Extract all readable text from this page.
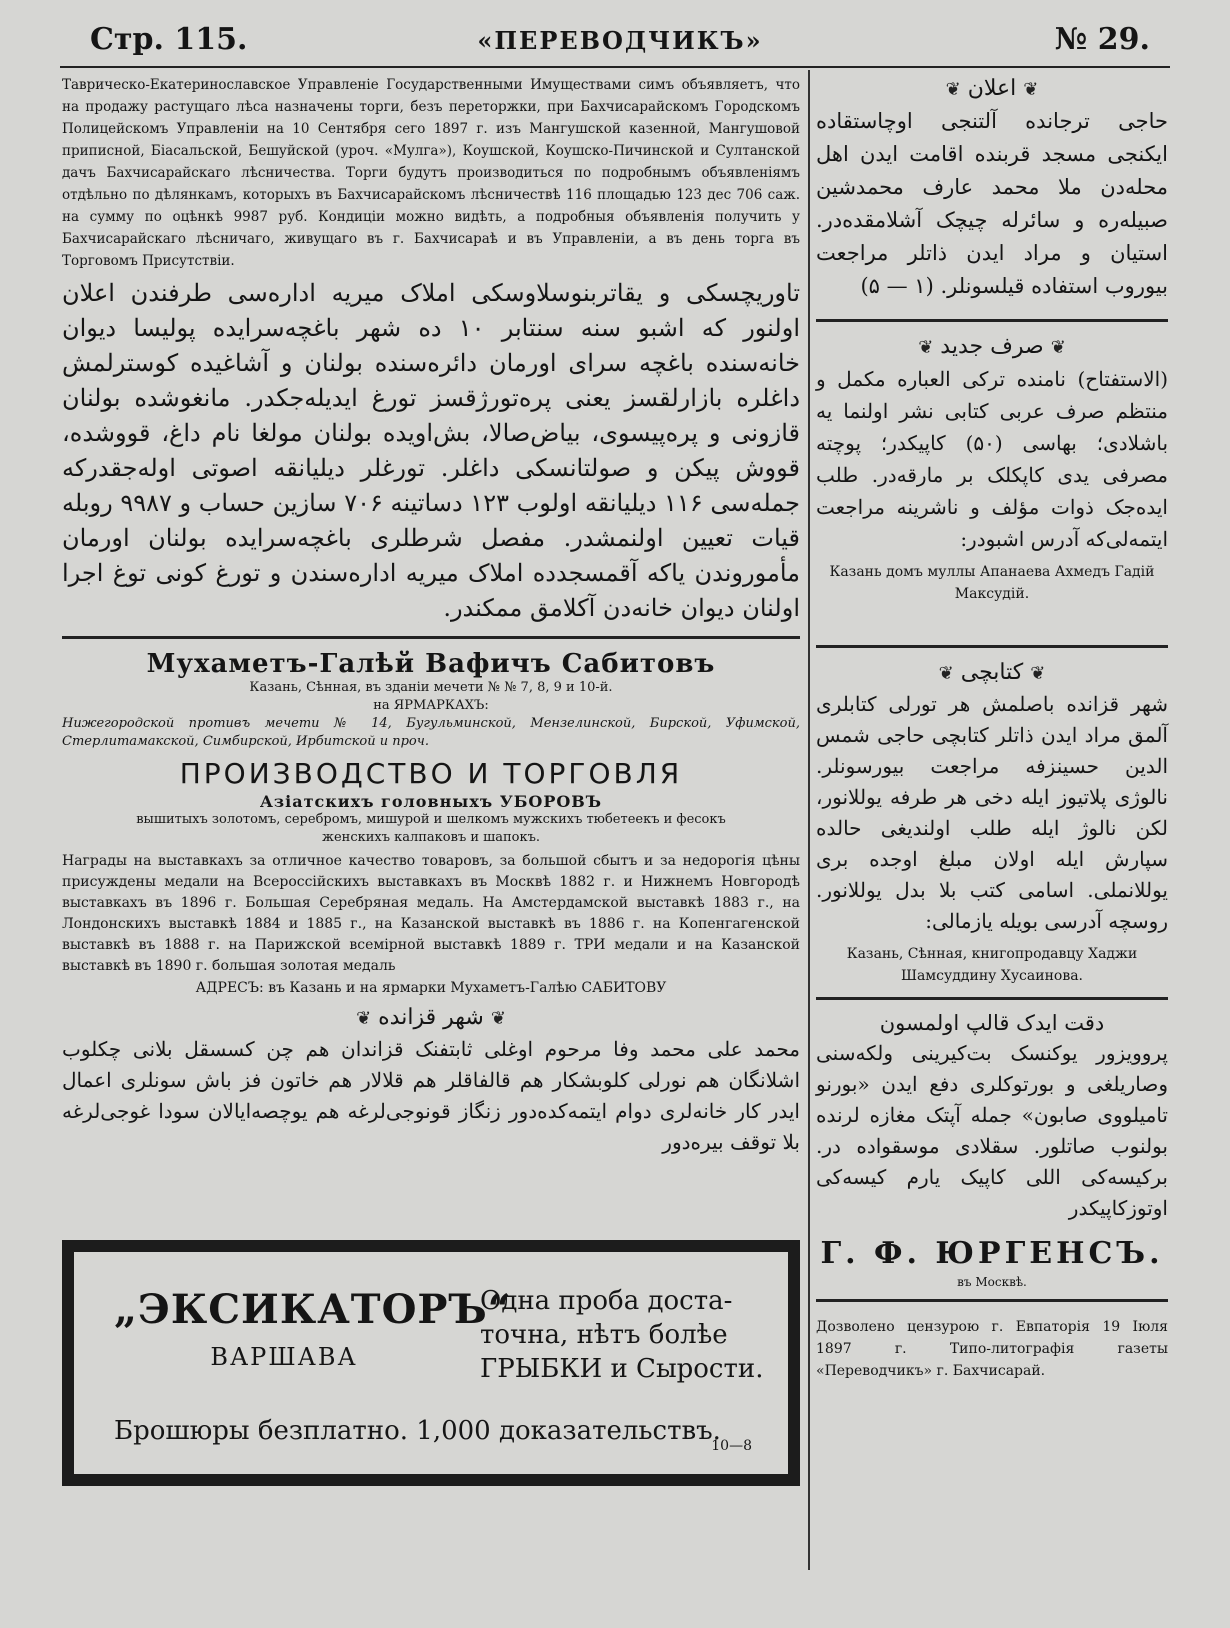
Стр. 115.	«ПЕРЕВОДЧИКЪ»	№ 29.

Таврическо-Екатеринославское Управленіе Государственными Имуществами симъ объявляетъ, что на продажу растущаго лѣса назначены торги, безъ переторжки, при Бахчисарайскомъ Городскомъ Полицейскомъ Управленіи на 10 Сентября сего 1897 г. изъ Мангушской казенной, Мангушовой приписной, Біасальской, Бешуйской (уроч. «Мулга»), Коушской, Коушско-Пичинской и Султанской дачъ Бахчисарайскаго лѣсничества. Торги будутъ производиться по подробнымъ объявленіямъ отдѣльно по дѣлянкамъ, которыхъ въ Бахчисарайскомъ лѣсничествѣ 116 площадью 123 дес 706 саж. на сумму по оцѣнкѣ 9987 руб. Кондиціи можно видѣть, а подробныя объявленія получить у Бахчисарайскаго лѣсничаго, живущаго въ г. Бахчисараѣ и въ Управленіи, а въ день торга въ Торговомъ Присутствіи.

تاوریچسکی و یقاتربنوسلاوسکی املاک میریه اداره‌سی طرفندن اعلان اولنور که اشبو سنه سنتابر ۱۰ ده شهر باغچه‌سرایده پولیسا دیوان خانه‌سنده باغچه سرای اورمان دائره‌سنده بولنان و آشاغیده کوسترلمش داغلره بازارلقسز یعنی پره‌تورژقسز تورغ ایدیله‌جکدر. مانغوشده بولنان قازونی و پره‌پیسوی، بیاض‌صالا، بش‌اویده بولنان مولغا نام داغ، قووشده، قووش پیکن و صولتانسکی داغلر. تورغلر دیلیانقه اصوتی اوله‌جقدرکه جمله‌سی ۱۱۶ دیلیانقه اولوب ۱۲۳ دساتینه ۷۰۶ سازین حساب و ۹۹۸۷ روبله قیات تعیین اولنمشدر. مفصل شرطلری باغچه‌سرایده بولنان اورمان مأموروندن یاکه آقمسجدده املاک میریه اداره‌سندن و تورغ کونی توغ اجرا اولنان دیوان خانه‌دن آکلامق ممکندر.

Мухаметъ-Галѣй Вафичъ Сабитовъ
Казань, Сѣнная, въ зданіи мечети № № 7, 8, 9 и 10-й.
на ЯРМАРКАХЪ:
Нижегородской противъ мечети № 14, Бугульминской, Мензелинской, Бирской, Уфимской, Стерлитамакской, Симбирской, Ирбитской и проч.
ПРОИЗВОДСТВО И ТОРГОВЛЯ
Азіатскихъ головныхъ УБОРОВЪ
вышитыхъ золотомъ, серебромъ, мишурой и шелкомъ мужскихъ тюбетеекъ и фесокъ женскихъ калпаковъ и шапокъ.

Награды на выставкахъ за отличное качество товаровъ, за большой сбытъ и за недорогія цѣны присуждены медали на Всероссійскихъ выставкахъ въ Москвѣ 1882 г. и Нижнемъ Новгородѣ выставкахъ въ 1896 г. Большая Серебряная медаль. На Амстердамской выставкѣ 1883 г., на Лондонскихъ выставкѣ 1884 и 1885 г., на Казанской выставкѣ въ 1886 г. на Копенгагенской выставкѣ въ 1888 г. на Парижской всемірной выставкѣ 1889 г. ТРИ медали и на Казанской выставкѣ въ 1890 г. большая золотая медаль

АДРЕСЪ: въ Казань и на ярмарки Мухаметъ-Галѣю САБИТОВУ
❦ شهر قزانده ❦

محمد علی محمد وفا مرحوم اوغلی ثابتفنک قزاندان هم چن کسسقل بلانی چکلوب اشلانگان هم نورلی کلوبشکار هم قالفاقلر هم قلالار هم خاتون فز باش سونلری اعمال ایدر کار خانه‌لری دوام ایتمه‌کده‌دور زنگاز قونوجی‌لرغه هم یوچصه‌ایالان سودا غوجی‌لرغه بلا توقف بیره‌دور

„ЭКСИКАТОРЪ“
ВАРШАВА
Одна проба доста-
точна, нѣтъ болѣе
ГРЫБКИ и Сырости.
Брошюры безплатно. 1,000 доказательствъ.
10—8
❦ اعلان ❦

حاجی ترجانده آلتنجی اوچاستقاده ایکنجی مسجد قربنده اقامت ایدن اهل محله‌دن ملا محمد عارف محمدشین صبیله‌ره و سائرله چیچک آشلامقده‌در. استیان و مراد ایدن ذاتلر مراجعت بیوروب استفاده قیلسونلر. (۱ — ۵)

❦ صرف جدید ❦

(الاستفتاح) نامنده ترکی العباره مکمل و منتظم صرف عربی کتابی نشر اولنما یه باشلادی؛ بهاسی (۵۰) کاپیکدر؛ پوچته مصرفی یدی کاپکلک بر مارقه‌در. طلب ایده‌جک ذوات مؤلف و ناشرینه مراجعت ایتمه‌لی‌که آدرس اشبودر:

Казань домъ муллы Апанаева Ахмедъ Гадій Максудій.
❦ کتابچی ❦

شهر قزانده باصلمش هر تورلی کتابلری آلمق مراد ایدن ذاتلر کتابچی حاجی شمس الدین حسینزفه مراجعت بیورسونلر. نالوژی پلاتیوز ایله دخی هر طرفه یوللانور، لکن نالوژ ایله طلب اولندیغی حالده سپارش ایله اولان مبلغ اوجده بری یوللانملی. اسامی کتب بلا بدل یوللانور. روسچه آدرسی بویله یازمالی:

Казань, Сѣнная, книгопродавцу Хаджи Шамсуддину Хусаинова.
دقت ایدک قالپ اولمسون

پروویزور یوکنسک بت‌کیرینی ولکه‌سنی وصاریلغی و بورتوکلری دفع ایدن «بورنو تامیلووی صابون» جمله آپتک مغازه لرنده بولنوب صاتلور. سقلادی موسقواده در. برکیسه‌کی اللی کاپیک یارم کیسه‌کی اوتوزکاپیکدر

Г. Ф. ЮРГЕНСЪ.
въ Москвѣ.
Дозволено цензурою г. Евпаторія 19 Іюля 1897 г. Типо-литографія газеты «Переводчикъ» г. Бахчисарай.
